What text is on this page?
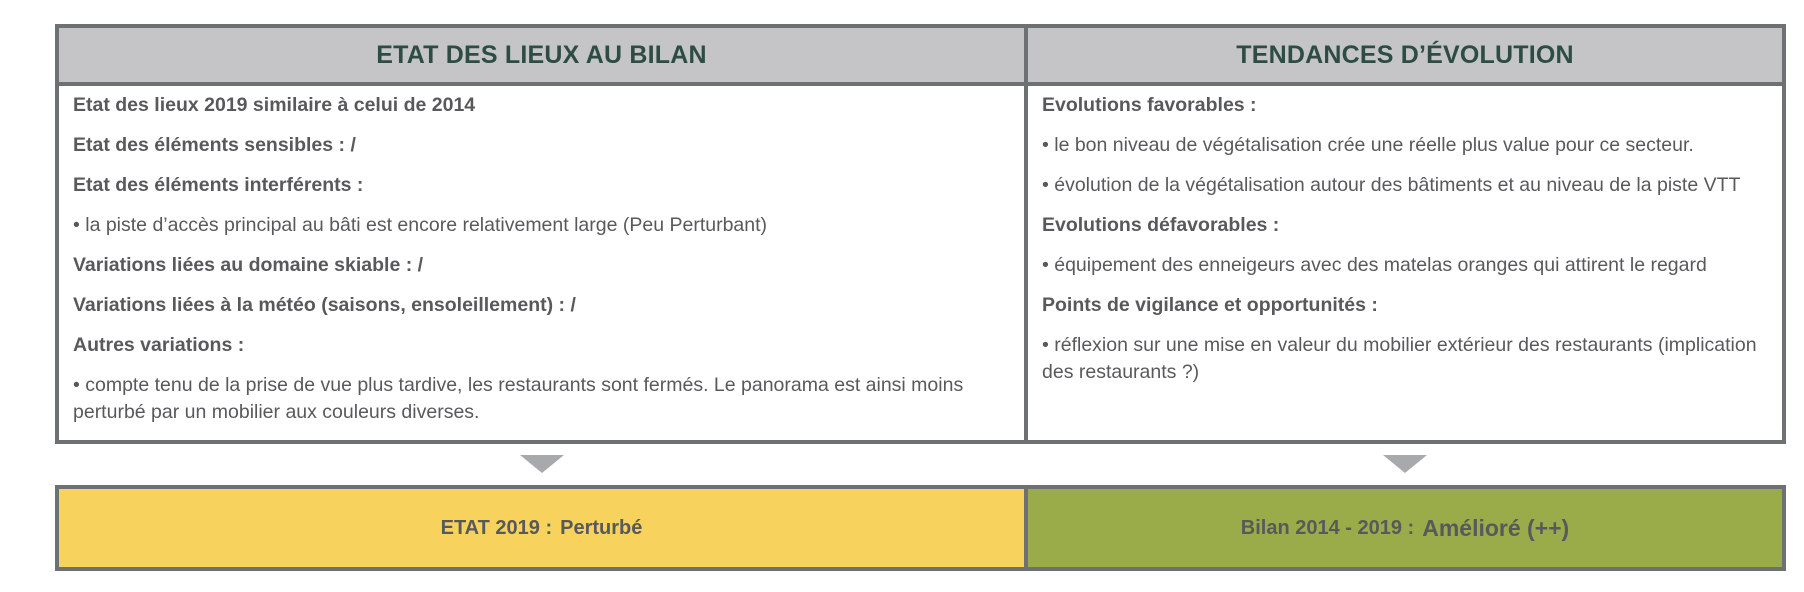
ETAT DES LIEUX AU BILAN
Etat des lieux 2019 similaire à celui de 2014
Etat des éléments sensibles : /
Etat des éléments interférents :
• la piste d’accès principal au bâti est encore relativement large (Peu Perturbant)
Variations liées au domaine skiable : /
Variations liées à la météo (saisons, ensoleillement) : /
Autres variations :
• compte tenu de la prise de vue plus tardive, les restaurants sont fermés. Le panorama est ainsi moins perturbé par un mobilier aux couleurs diverses.
TENDANCES D’ÉVOLUTION
Evolutions favorables :
• le bon niveau de végétalisation crée une réelle plus value pour ce secteur.
• évolution de la végétalisation autour des bâtiments et au niveau de la piste VTT
Evolutions défavorables :
• équipement des enneigeurs avec des matelas oranges qui attirent le regard
Points de vigilance et opportunités :
• réflexion sur une mise en valeur du mobilier extérieur des restaurants (implication des restaurants ?)
ETAT 2019 : Perturbé	Bilan 2014 - 2019 : Amélioré (++)
